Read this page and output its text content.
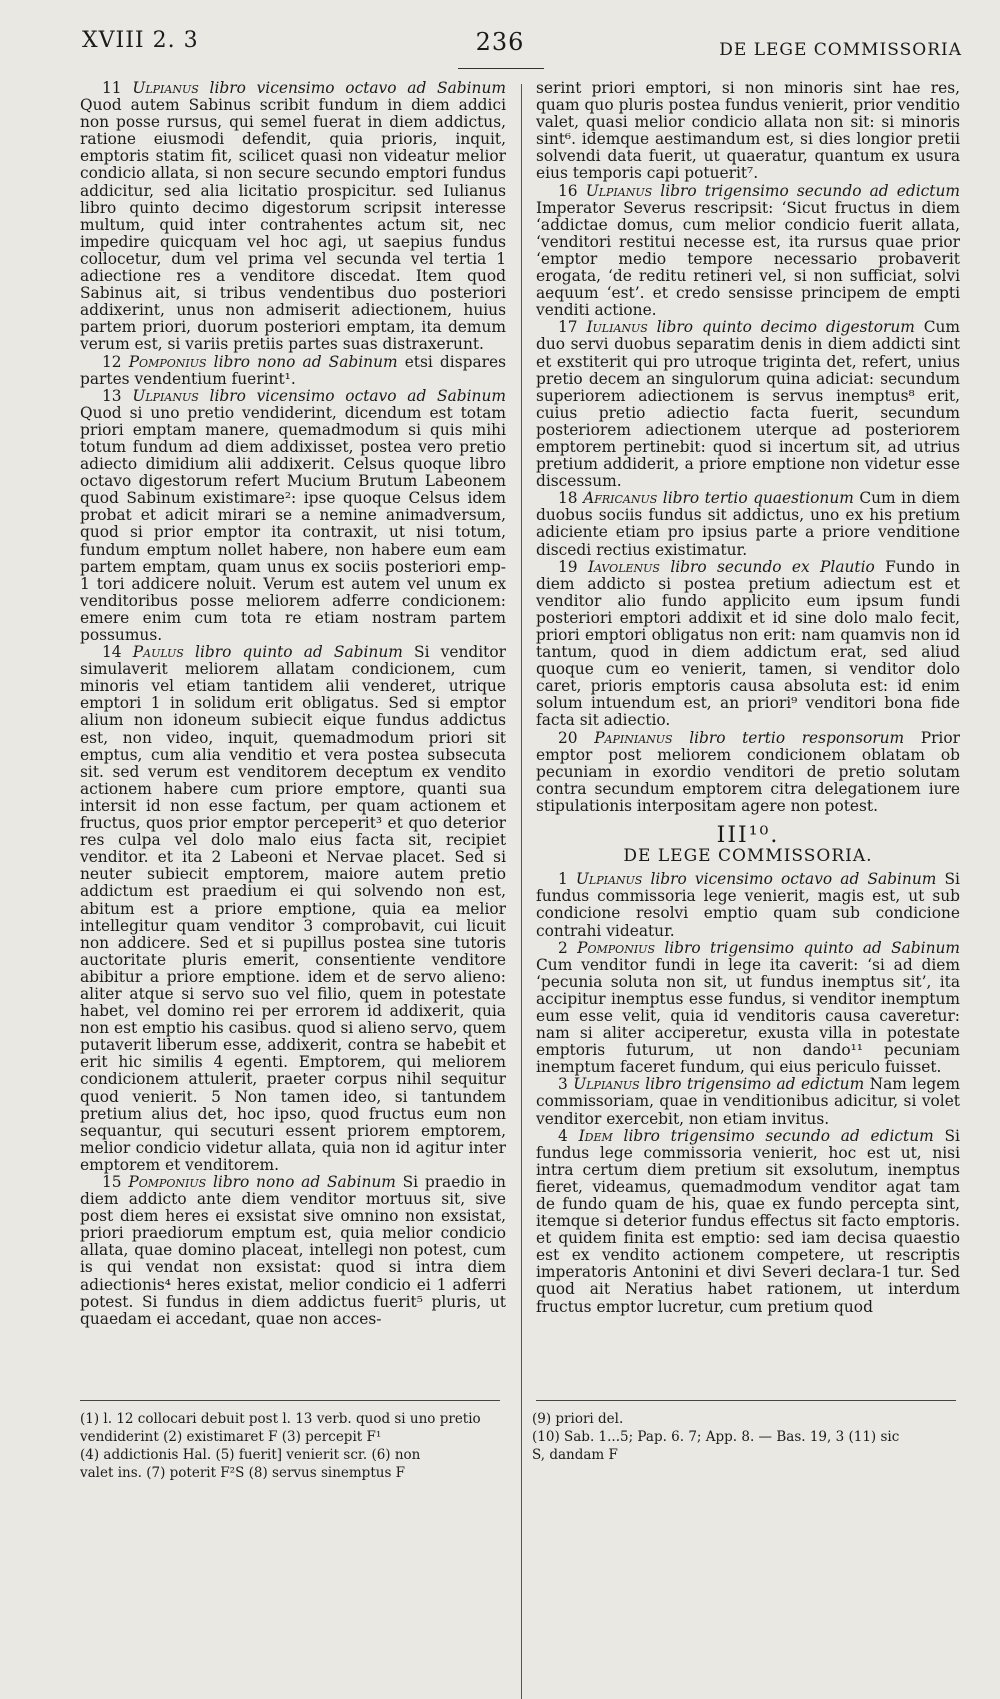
XVIII 2. 3	236	DE LEGE COMMISSORIA

11 Ulpianus libro vicensimo octavo ad Sabinum Quod autem Sabinus scribit fundum in diem addici non posse rursus, qui semel fuerat in diem addictus, ratione eiusmodi defendit, quia prioris, inquit, emptoris statim fit, scilicet quasi non videatur melior condicio allata, si non secure secundo emptori fundus addicitur, sed alia licitatio prospicitur. sed Iulianus libro quinto decimo digestorum scripsit interesse multum, quid inter contrahentes actum sit, nec impedire quicquam vel hoc agi, ut saepius fundus collocetur, dum vel prima vel secunda vel tertia 1 adiectione res a venditore discedat. Item quod Sabinus ait, si tribus vendentibus duo posteriori addixerint, unus non admiserit adiectionem, huius partem priori, duorum posteriori emptam, ita demum verum est, si variis pretiis partes suas distraxerunt.

12 Pomponius libro nono ad Sabinum etsi dispares partes vendentium fuerint¹.

13 Ulpianus libro vicensimo octavo ad Sabinum Quod si uno pretio vendiderint, dicendum est totam priori emptam manere, quemadmodum si quis mihi totum fundum ad diem addixisset, postea vero pretio adiecto dimidium alii addixerit. Celsus quoque libro octavo digestorum refert Mucium Brutum Labeonem quod Sabinum existimare²: ipse quoque Celsus idem probat et adicit mirari se a nemine animadversum, quod si prior emptor ita contraxit, ut nisi totum, fundum emptum nollet habere, non habere eum eam partem emptam, quam unus ex sociis posteriori emp-1 tori addicere noluit. Verum est autem vel unum ex venditoribus posse meliorem adferre condicionem: emere enim cum tota re etiam nostram partem possumus.

14 Paulus libro quinto ad Sabinum Si venditor simulaverit meliorem allatam condicionem, cum minoris vel etiam tantidem alii venderet, utrique emptori 1 in solidum erit obligatus. Sed si emptor alium non idoneum subiecit eique fundus addictus est, non video, inquit, quemadmodum priori sit emptus, cum alia venditio et vera postea subsecuta sit. sed verum est venditorem deceptum ex vendito actionem habere cum priore emptore, quanti sua intersit id non esse factum, per quam actionem et fructus, quos prior emptor perceperit³ et quo deterior res culpa vel dolo malo eius facta sit, recipiet venditor. et ita 2 Labeoni et Nervae placet. Sed si neuter subiecit emptorem, maiore autem pretio addictum est praedium ei qui solvendo non est, abitum est a priore emptione, quia ea melior intellegitur quam venditor 3 comprobavit, cui licuit non addicere. Sed et si pupillus postea sine tutoris auctoritate pluris emerit, consentiente venditore abibitur a priore emptione. idem et de servo alieno: aliter atque si servo suo vel filio, quem in potestate habet, vel domino rei per errorem id addixerit, quia non est emptio his casibus. quod si alieno servo, quem putaverit liberum esse, addixerit, contra se habebit et erit hic similis 4 egenti. Emptorem, qui meliorem condicionem attulerit, praeter corpus nihil sequitur quod venierit. 5 Non tamen ideo, si tantundem pretium alius det, hoc ipso, quod fructus eum non sequantur, qui secuturi essent priorem emptorem, melior condicio videtur allata, quia non id agitur inter emptorem et venditorem.

15 Pomponius libro nono ad Sabinum Si praedio in diem addicto ante diem venditor mortuus sit, sive post diem heres ei exsistat sive omnino non exsistat, priori praediorum emptum est, quia melior condicio allata, quae domino placeat, intellegi non potest, cum is qui vendat non exsistat: quod si intra diem adiectionis⁴ heres existat, melior condicio ei 1 adferri potest. Si fundus in diem addictus fuerit⁵ pluris, ut quaedam ei accedant, quae non acces-

serint priori emptori, si non minoris sint hae res, quam quo pluris postea fundus venierit, prior venditio valet, quasi melior condicio allata non sit: si minoris sint⁶. idemque aestimandum est, si dies longior pretii solvendi data fuerit, ut quaeratur, quantum ex usura eius temporis capi potuerit⁷.

16 Ulpianus libro trigensimo secundo ad edictum Imperator Severus rescripsit: ‘Sicut fructus in diem ‘addictae domus, cum melior condicio fuerit allata, ‘venditori restitui necesse est, ita rursus quae prior ‘emptor medio tempore necessario probaverit erogata, ‘de reditu retineri vel, si non sufficiat, solvi aequum ‘est’. et credo sensisse principem de empti venditi actione.

17 Iulianus libro quinto decimo digestorum Cum duo servi duobus separatim denis in diem addicti sint et exstiterit qui pro utroque triginta det, refert, unius pretio decem an singulorum quina adiciat: secundum superiorem adiectionem is servus inemptus⁸ erit, cuius pretio adiectio facta fuerit, secundum posteriorem adiectionem uterque ad posteriorem emptorem pertinebit: quod si incertum sit, ad utrius pretium addiderit, a priore emptione non videtur esse discessum.

18 Africanus libro tertio quaestionum Cum in diem duobus sociis fundus sit addictus, uno ex his pretium adiciente etiam pro ipsius parte a priore venditione discedi rectius existimatur.

19 Iavolenus libro secundo ex Plautio Fundo in diem addicto si postea pretium adiectum est et venditor alio fundo applicito eum ipsum fundi posteriori emptori addixit et id sine dolo malo fecit, priori emptori obligatus non erit: nam quamvis non id tantum, quod in diem addictum erat, sed aliud quoque cum eo venierit, tamen, si venditor dolo caret, prioris emptoris causa absoluta est: id enim solum intuendum est, an priori⁹ venditori bona fide facta sit adiectio.

20 Papinianus libro tertio responsorum Prior emptor post meliorem condicionem oblatam ob pecuniam in exordio venditori de pretio solutam contra secundum emptorem citra delegationem iure stipulationis interpositam agere non potest.

III¹⁰.
DE LEGE COMMISSORIA.

1 Ulpianus libro vicensimo octavo ad Sabinum Si fundus commissoria lege venierit, magis est, ut sub condicione resolvi emptio quam sub condicione contrahi videatur.

2 Pomponius libro trigensimo quinto ad Sabinum Cum venditor fundi in lege ita caverit: ‘si ad diem ‘pecunia soluta non sit, ut fundus inemptus sit’, ita accipitur inemptus esse fundus, si venditor inemptum eum esse velit, quia id venditoris causa caveretur: nam si aliter acciperetur, exusta villa in potestate emptoris futurum, ut non dando¹¹ pecuniam inemptum faceret fundum, qui eius periculo fuisset.

3 Ulpianus libro trigensimo ad edictum Nam legem commissoriam, quae in venditionibus adicitur, si volet venditor exercebit, non etiam invitus.

4 Idem libro trigensimo secundo ad edictum Si fundus lege commissoria venierit, hoc est ut, nisi intra certum diem pretium sit exsolutum, inemptus fieret, videamus, quemadmodum venditor agat tam de fundo quam de his, quae ex fundo percepta sint, itemque si deterior fundus effectus sit facto emptoris. et quidem finita est emptio: sed iam decisa quaestio est ex vendito actionem competere, ut rescriptis imperatoris Antonini et divi Severi declara-1 tur. Sed quod ait Neratius habet rationem, ut interdum fructus emptor lucretur, cum pretium quod

(1) l. 12 collocari debuit post l. 13 verb. quod si uno pretio
vendiderint (2) existimaret F (3) percepit F¹
(4) addictionis Hal. (5) fuerit] venierit scr. (6) non
valet ins. (7) poterit F²S (8) servus sinemptus F
(9) priori del.
(10) Sab. 1...5; Pap. 6. 7; App. 8. — Bas. 19, 3 (11) sic
S, dandam F
